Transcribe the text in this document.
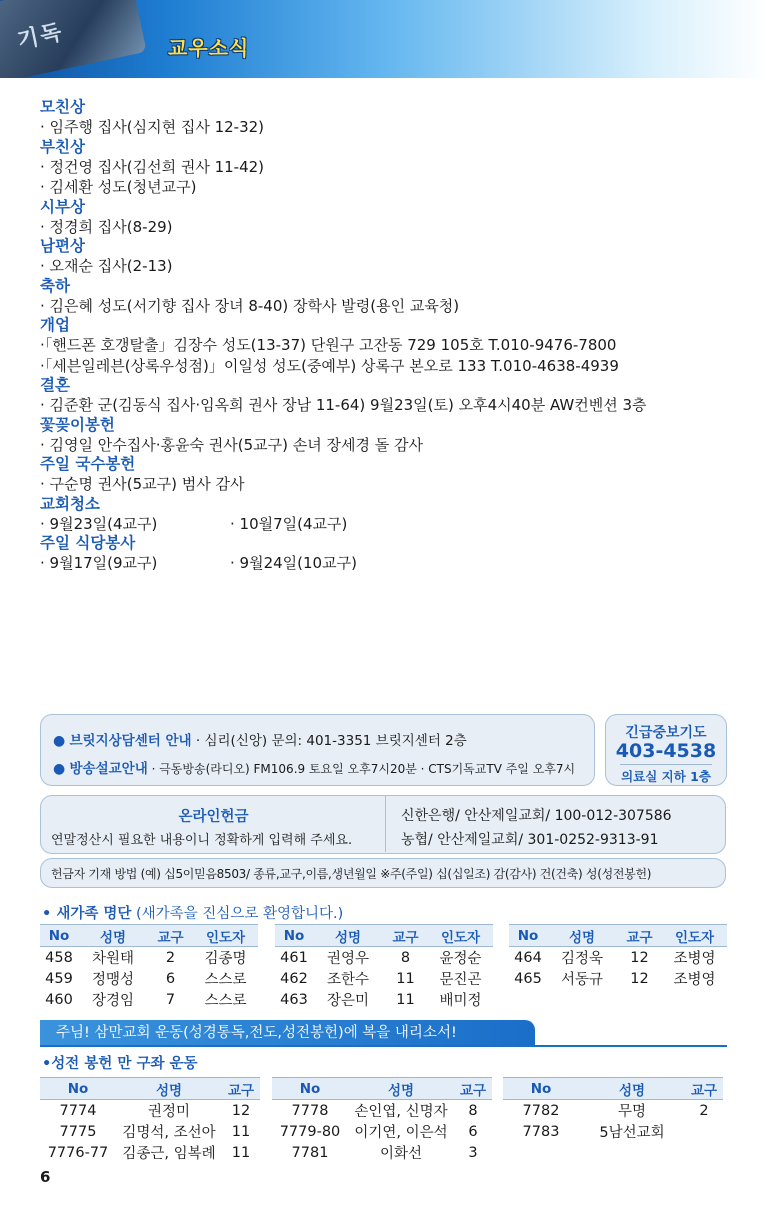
기독	교우소식
모친상
· 임주행 집사(심지현 집사 12-32)
부친상
· 정건영 집사(김선희 권사 11-42)
· 김세환 성도(청년교구)
시부상
· 정경희 집사(8-29)
남편상
· 오재순 집사(2-13)
축하
· 김은혜 성도(서기향 집사 장녀 8-40) 장학사 발령(용인 교육청)
개업
·「핸드폰 호갱탈출」김장수 성도(13-37) 단원구 고잔동 729 105호 T.010-9476-7800
·「세븐일레븐(상록우성점)」이일성 성도(중예부) 상록구 본오로 133 T.010-4638-4939
결혼
· 김준환 군(김동식 집사·임옥희 권사 장남 11-64) 9월23일(토) 오후4시40분 AW컨벤션 3층
꽃꽂이봉헌
· 김영일 안수집사·홍윤숙 권사(5교구) 손녀 장세경 돌 감사
주일 국수봉헌
· 구순명 권사(5교구) 범사 감사
교회청소
· 9월23일(4교구)	· 10월7일(4교구)
주일 식당봉사
· 9월17일(9교구)	· 9월24일(10교구)
● 브릿지상담센터 안내 · 심리(신앙) 문의: 401-3351 브릿지센터 2층
● 방송설교안내 · 극동방송(라디오) FM106.9 토요일 오후7시20분 · CTS기독교TV 주일 오후7시
긴급중보기도
403-4538
의료실 지하 1층
온라인헌금
연말정산시 필요한 내용이니 정확하게 입력해 주세요.
신한은행/ 안산제일교회/ 100-012-307586
농협/ 안산제일교회/ 301-0252-9313-91
헌금자 기재 방법 (예) 십5이믿음8503/ 종류,교구,이름,생년월일 ※주(주일) 십(십일조) 감(감사) 건(건축) 성(성전봉헌)
• 새가족 명단 (새가족을 진심으로 환영합니다.)
No	성명	교구	인도자
458	차원태	2	김종명
459	정맹성	6	스스로
460	장경임	7	스스로
No	성명	교구	인도자
461	권영우	8	윤정순
462	조한수	11	문진곤
463	장은미	11	배미정
No	성명	교구	인도자
464	김정욱	12	조병영
465	서동규	12	조병영
주님! 삼만교회 운동(성경통독,전도,성전봉헌)에 복을 내리소서!
•성전 봉헌 만 구좌 운동
No	성명	교구
7774	권정미	12
7775	김명석, 조선아	11
7776-77	김종근, 임복례	11
No	성명	교구
7778	손인엽, 신명자	8
7779-80	이기연, 이은석	6
7781	이화선	3
No	성명	교구
7782	무명	2
7783	5남선교회	
6
